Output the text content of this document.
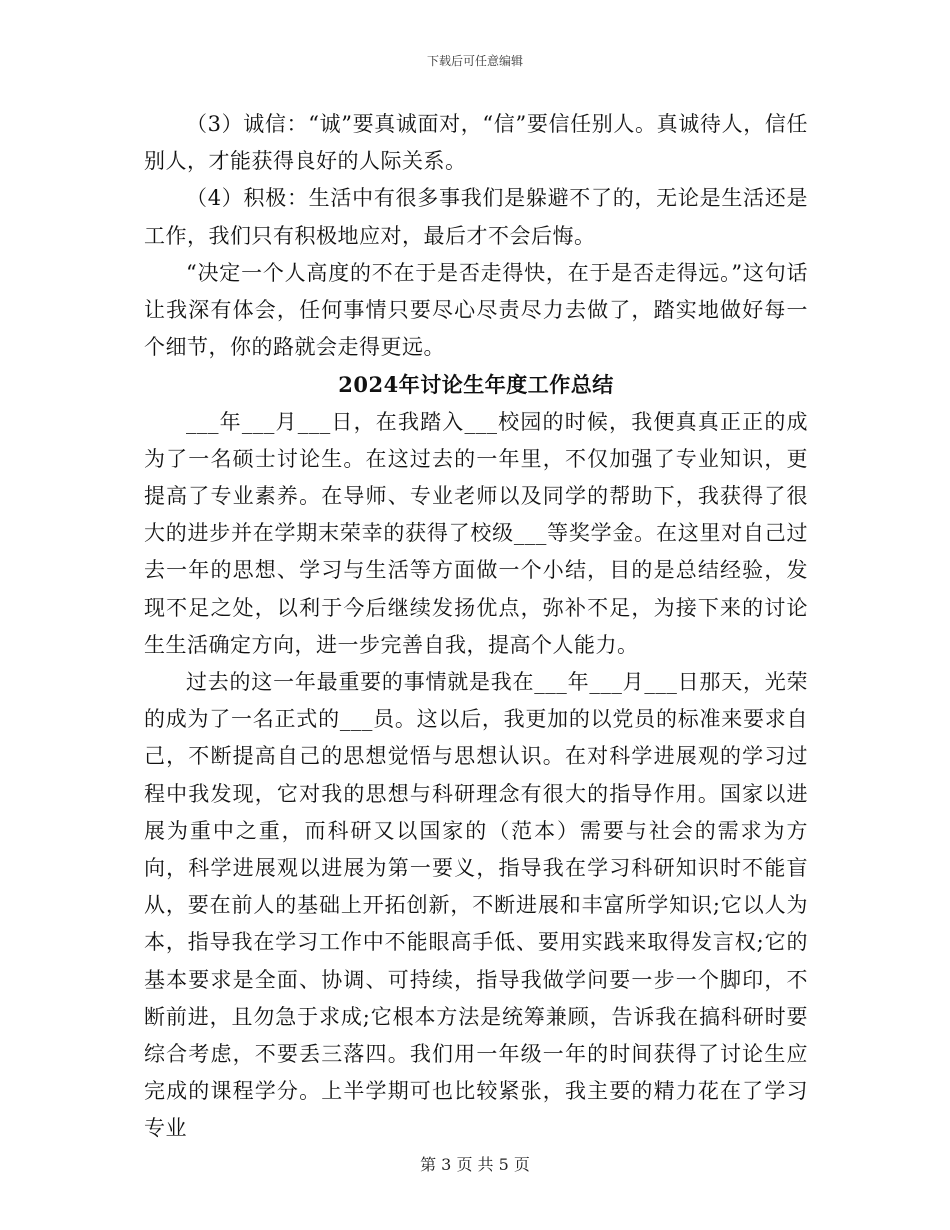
下载后可任意编辑

（3）诚信：“诚”要真诚面对，“信”要信任别人。真诚待人，信任别人，才能获得良好的人际关系。

（4）积极：生活中有很多事我们是躲避不了的，无论是生活还是工作，我们只有积极地应对，最后才不会后悔。

“决定一个人高度的不在于是否走得快，在于是否走得远。”这句话让我深有体会，任何事情只要尽心尽责尽力去做了，踏实地做好每一个细节，你的路就会走得更远。

2024年讨论生年度工作总结

___年___月___日，在我踏入___校园的时候，我便真真正正的成为了一名硕士讨论生。在这过去的一年里，不仅加强了专业知识，更提高了专业素养。在导师、专业老师以及同学的帮助下，我获得了很大的进步并在学期末荣幸的获得了校级___等奖学金。在这里对自己过去一年的思想、学习与生活等方面做一个小结，目的是总结经验，发现不足之处，以利于今后继续发扬优点，弥补不足，为接下来的讨论生生活确定方向，进一步完善自我，提高个人能力。

过去的这一年最重要的事情就是我在___年___月___日那天，光荣的成为了一名正式的___员。这以后，我更加的以党员的标准来要求自己，不断提高自己的思想觉悟与思想认识。在对科学进展观的学习过程中我发现，它对我的思想与科研理念有很大的指导作用。国家以进展为重中之重，而科研又以国家的（范本）需要与社会的需求为方向，科学进展观以进展为第一要义，指导我在学习科研知识时不能盲从，要在前人的基础上开拓创新，不断进展和丰富所学知识;它以人为本，指导我在学习工作中不能眼高手低、要用实践来取得发言权;它的基本要求是全面、协调、可持续，指导我做学问要一步一个脚印，不断前进，且勿急于求成;它根本方法是统筹兼顾，告诉我在搞科研时要综合考虑，不要丢三落四。我们用一年级一年的时间获得了讨论生应完成的课程学分。上半学期可也比较紧张，我主要的精力花在了学习专业

第 3 页 共 5 页
